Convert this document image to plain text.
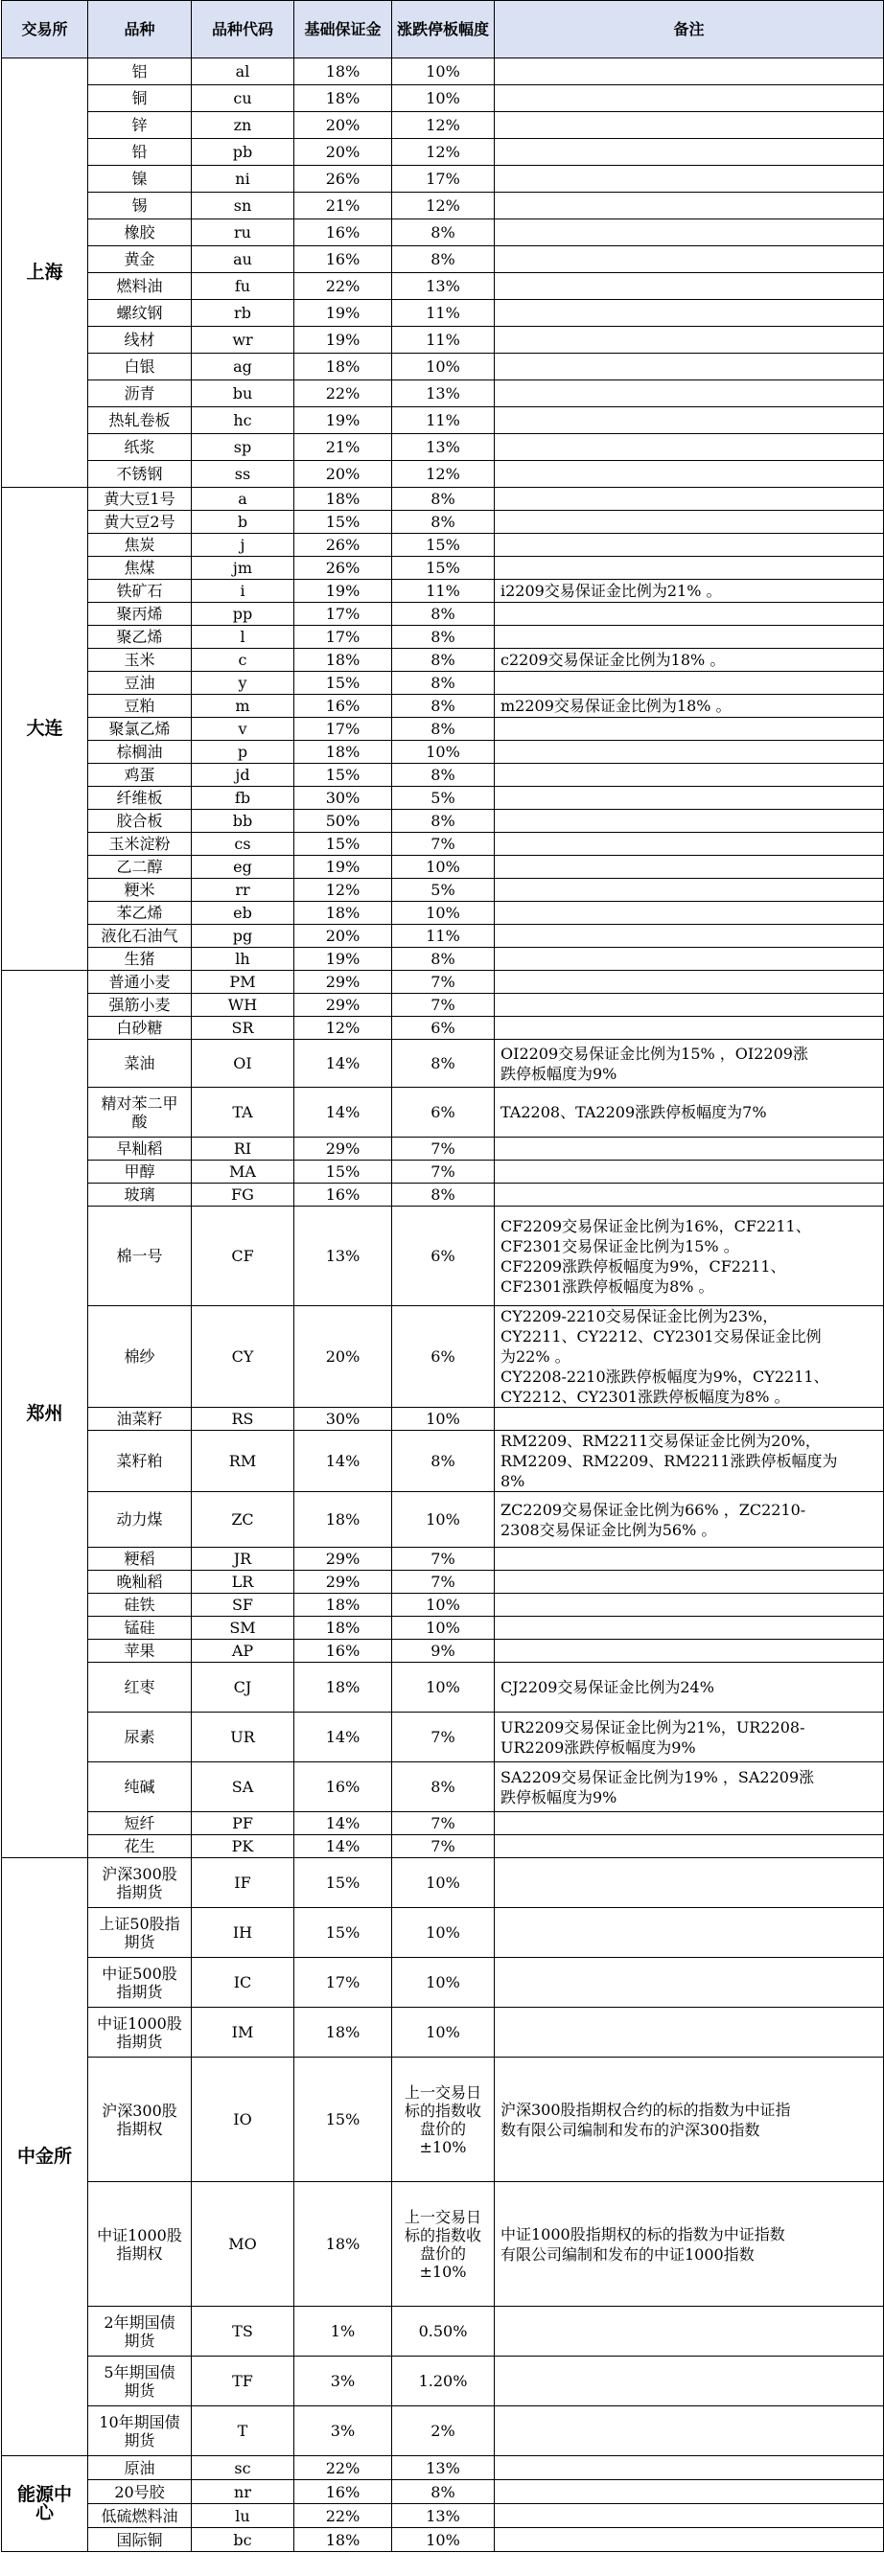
交易所	品种	品种代码	基础保证金	涨跌停板幅度	备注
上海	铝	al	18%	10%	
	铜	cu	18%	10%	
	锌	zn	20%	12%	
	铅	pb	20%	12%	
	镍	ni	26%	17%	
	锡	sn	21%	12%	
	橡胶	ru	16%	8%	
	黄金	au	16%	8%	
	燃料油	fu	22%	13%	
	螺纹钢	rb	19%	11%	
	线材	wr	19%	11%	
	白银	ag	18%	10%	
	沥青	bu	22%	13%	
	热轧卷板	hc	19%	11%	
	纸浆	sp	21%	13%	
	不锈钢	ss	20%	12%	
大连	黄大豆1号	a	18%	8%	
	黄大豆2号	b	15%	8%	
	焦炭	j	26%	15%	
	焦煤	jm	26%	15%	
	铁矿石	i	19%	11%	i2209交易保证金比例为21% 。
	聚丙烯	pp	17%	8%	
	聚乙烯	l	17%	8%	
	玉米	c	18%	8%	c2209交易保证金比例为18% 。
	豆油	y	15%	8%	
	豆粕	m	16%	8%	m2209交易保证金比例为18% 。
	聚氯乙烯	v	17%	8%	
	棕榈油	p	18%	10%	
	鸡蛋	jd	15%	8%	
	纤维板	fb	30%	5%	
	胶合板	bb	50%	8%	
	玉米淀粉	cs	15%	7%	
	乙二醇	eg	19%	10%	
	粳米	rr	12%	5%	
	苯乙烯	eb	18%	10%	
	液化石油气	pg	20%	11%	
	生猪	lh	19%	8%	
郑州	普通小麦	PM	29%	7%	
	强筋小麦	WH	29%	7%	
	白砂糖	SR	12%	6%	
	菜油	OI	14%	8%	OI2209交易保证金比例为15% ，OI2209涨
跌停板幅度为9%

	精对苯二甲
酸	TA	14%	6%	TA2208、TA2209涨跌停板幅度为7%
	早籼稻	RI	29%	7%	
	甲醇	MA	15%	7%	
	玻璃	FG	16%	8%	
	棉一号	CF	13%	6%	CF2209交易保证金比例为16%，CF2211、
CF2301交易保证金比例为15% 。
CF2209涨跌停板幅度为9%，CF2211、
CF2301涨跌停板幅度为8% 。

	棉纱	CY	20%	6%	CY2209-2210交易保证金比例为23%，
CY2211、CY2212、CY2301交易保证金比例
为22% 。
CY2208-2210涨跌停板幅度为9%，CY2211、
CY2212、CY2301涨跌停板幅度为8% 。

	油菜籽	RS	30%	10%	
	菜籽粕	RM	14%	8%	RM2209、RM2211交易保证金比例为20%，
RM2209、RM2209、RM2211涨跌停板幅度为
8%

	动力煤	ZC	18%	10%	ZC2209交易保证金比例为66% ，ZC2210-
2308交易保证金比例为56% 。

	粳稻	JR	29%	7%	
	晚籼稻	LR	29%	7%	
	硅铁	SF	18%	10%	
	锰硅	SM	18%	10%	
	苹果	AP	16%	9%	
	红枣	CJ	18%	10%	CJ2209交易保证金比例为24%
	尿素	UR	14%	7%	UR2209交易保证金比例为21%，UR2208-
UR2209涨跌停板幅度为9%

	纯碱	SA	16%	8%	SA2209交易保证金比例为19% ，SA2209涨
跌停板幅度为9%

	短纤	PF	14%	7%	
	花生	PK	14%	7%	
中金所	沪深300股
指期货	IF	15%	10%	
	上证50股指
期货	IH	15%	10%	
	中证500股
指期货	IC	17%	10%	
	中证1000股
指期货	IM	18%	10%	
	沪深300股
指期权	IO	15%	上一交易日
标的指数收
盘价的
±10%	沪深300股指期权合约的标的指数为中证指
数有限公司编制和发布的沪深300指数

	中证1000股
指期权	MO	18%	上一交易日
标的指数收
盘价的
±10%	中证1000股指期权的标的指数为中证指数
有限公司编制和发布的中证1000指数

	2年期国债
期货	TS	1%	0.50%	
	5年期国债
期货	TF	3%	1.20%	
	10年期国债
期货	T	3%	2%	
能源中
心	原油	sc	22%	13%	
	20号胶	nr	16%	8%	
	低硫燃料油	lu	22%	13%	
	国际铜	bc	18%	10%	
